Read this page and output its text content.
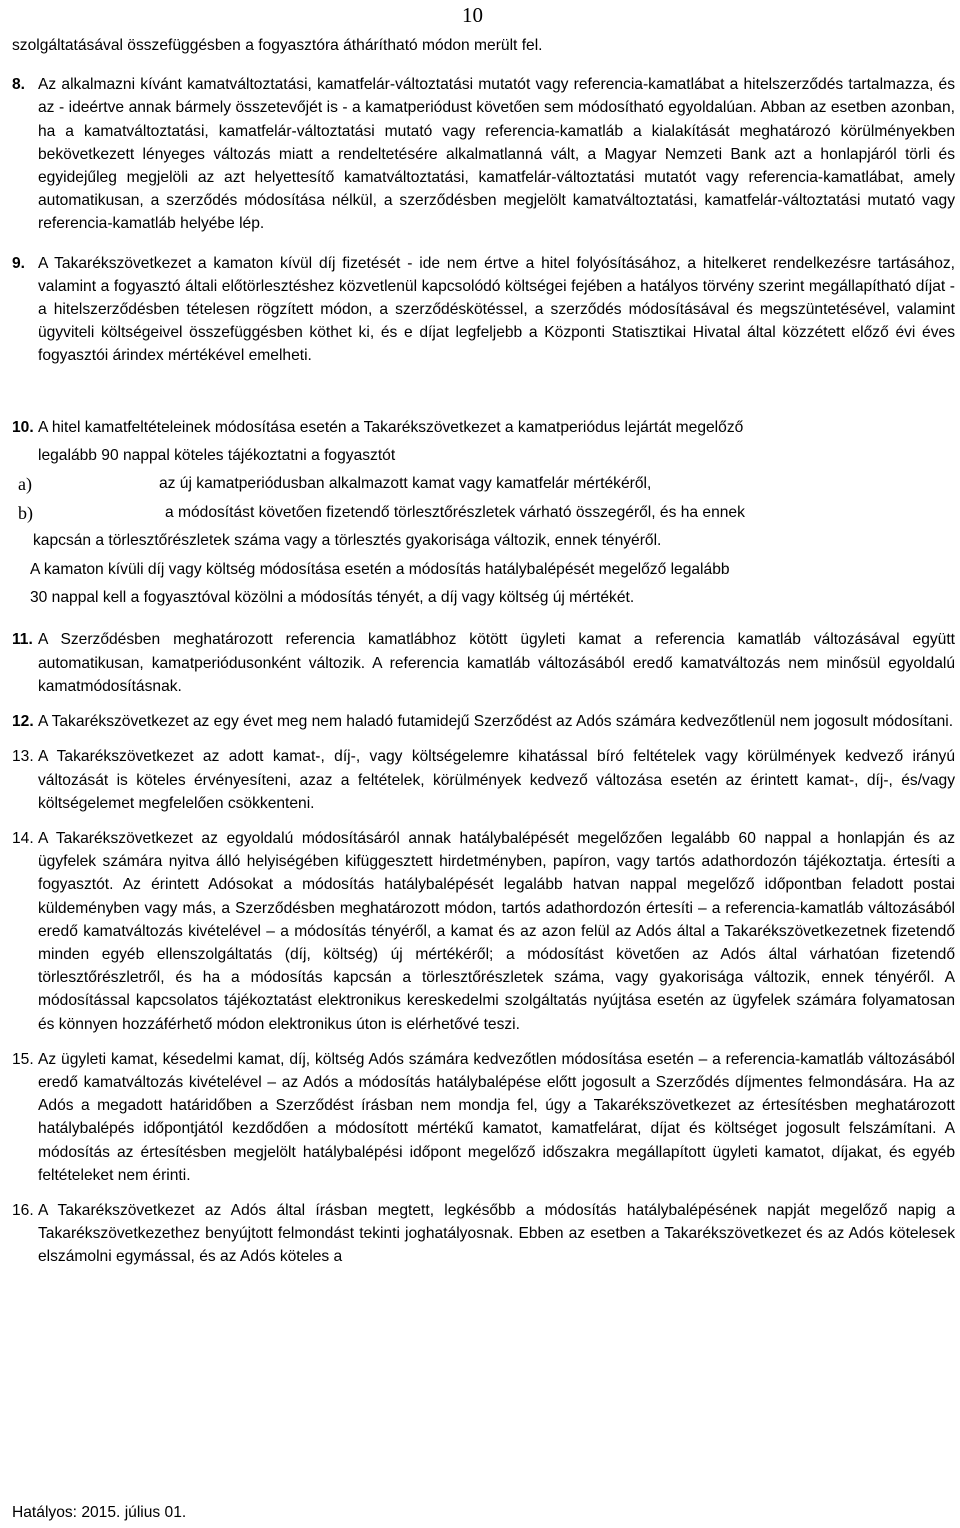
10

szolgáltatásával összefüggésben a fogyasztóra áthárítható módon merült fel.

8. Az alkalmazni kívánt kamatváltoztatási, kamatfelár-változtatási mutatót vagy referencia-kamatlábat a hitelszerződés tartalmazza, és az - ideértve annak bármely összetevőjét is - a kamatperiódust követően sem módosítható egyoldalúan. Abban az esetben azonban, ha a kamatváltoztatási, kamatfelár-változtatási mutató vagy referencia-kamatláb a kialakítását meghatározó körülményekben bekövetkezett lényeges változás miatt a rendeltetésére alkalmatlanná vált, a Magyar Nemzeti Bank azt a honlapjáról törli és egyidejűleg megjelöli az azt helyettesítő kamatváltoztatási, kamatfelár-változtatási mutatót vagy referencia-kamatlábat, amely automatikusan, a szerződés módosítása nélkül, a szerződésben megjelölt kamatváltoztatási, kamatfelár-változtatási mutató vagy referencia-kamatláb helyébe lép.
9. A Takarékszövetkezet a kamaton kívül díj fizetését - ide nem értve a hitel folyósításához, a hitelkeret rendelkezésre tartásához, valamint a fogyasztó általi előtörlesztéshez közvetlenül kapcsolódó költségei fejében a hatályos törvény szerint megállapítható díjat - a hitelszerződésben tételesen rögzített módon, a szerződéskötéssel, a szerződés módosításával és megszüntetésével, valamint ügyviteli költségeivel összefüggésben köthet ki, és e díjat legfeljebb a Központi Statisztikai Hivatal által közzétett előző évi éves fogyasztói árindex mértékével emelheti.
10. A hitel kamatfeltételeinek módosítása esetén a Takarékszövetkezet a kamatperiódus lejártát megelőző
legalább 90 nappal köteles tájékoztatni a fogyasztót
a)	az új kamatperiódusban alkalmazott kamat vagy kamatfelár mértékéről,
b)	a módosítást követően fizetendő törlesztőrészletek várható összegéről, és ha ennek
kapcsán a törlesztőrészletek száma vagy a törlesztés gyakorisága változik, ennek tényéről.
A kamaton kívüli díj vagy költség módosítása esetén a módosítás hatálybalépését megelőző legalább
30 nappal kell a fogyasztóval közölni a módosítás tényét, a díj vagy költség új mértékét.
11. A Szerződésben meghatározott referencia kamatlábhoz kötött ügyleti kamat a referencia kamatláb változásával együtt automatikusan, kamatperiódusonként változik. A referencia kamatláb változásából eredő kamatváltozás nem minősül egyoldalú kamatmódosításnak.
12. A Takarékszövetkezet az egy évet meg nem haladó futamidejű Szerződést az Adós számára kedvezőtlenül nem jogosult módosítani.
13. A Takarékszövetkezet az adott kamat-, díj-, vagy költségelemre kihatással bíró feltételek vagy körülmények kedvező irányú változását is köteles érvényesíteni, azaz a feltételek, körülmények kedvező változása esetén az érintett kamat-, díj-, és/vagy költségelemet megfelelően csökkenteni.
14. A Takarékszövetkezet az egyoldalú módosításáról annak hatálybalépését megelőzően legalább 60 nappal a honlapján és az ügyfelek számára nyitva álló helyiségében kifüggesztett hirdetményben, papíron, vagy tartós adathordozón tájékoztatja. értesíti a fogyasztót. Az érintett Adósokat a módosítás hatálybalépését legalább hatvan nappal megelőző időpontban feladott postai küldeményben vagy más, a Szerződésben meghatározott módon, tartós adathordozón értesíti – a referencia-kamatláb változásából eredő kamatváltozás kivételével – a módosítás tényéről, a kamat és az azon felül az Adós által a Takarékszövetkezetnek fizetendő minden egyéb ellenszolgáltatás (díj, költség) új mértékéről; a módosítást követően az Adós által várhatóan fizetendő törlesztőrészletről, és ha a módosítás kapcsán a törlesztőrészletek száma, vagy gyakorisága változik, ennek tényéről. A módosítással kapcsolatos tájékoztatást elektronikus kereskedelmi szolgáltatás nyújtása esetén az ügyfelek számára folyamatosan és könnyen hozzáférhető módon elektronikus úton is elérhetővé teszi.
15. Az ügyleti kamat, késedelmi kamat, díj, költség Adós számára kedvezőtlen módosítása esetén – a referencia-kamatláb változásából eredő kamatváltozás kivételével – az Adós a módosítás hatálybalépése előtt jogosult a Szerződés díjmentes felmondására. Ha az Adós a megadott határidőben a Szerződést írásban nem mondja fel, úgy a Takarékszövetkezet az értesítésben meghatározott hatálybalépés időpontjától kezdődően a módosított mértékű kamatot, kamatfelárat, díjat és költséget jogosult felszámítani. A módosítás az értesítésben megjelölt hatálybalépési időpont megelőző időszakra megállapított ügyleti kamatot, díjakat, és egyéb feltételeket nem érinti.
16. A Takarékszövetkezet az Adós által írásban megtett, legkésőbb a módosítás hatálybalépésének napját megelőző napig a Takarékszövetkezethez benyújtott felmondást tekinti joghatályosnak. Ebben az esetben a Takarékszövetkezet és az Adós kötelesek elszámolni egymással, és az Adós köteles a
Hatályos: 2015. július 01.
